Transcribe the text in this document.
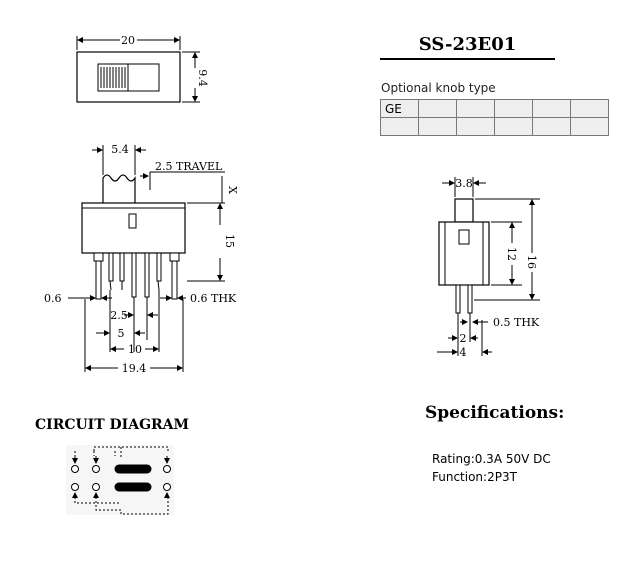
20
9.4
5.4
2.5 TRAVEL
X
15
0.6	0.6 THK
2.5
5
10
19.4
3.8
12
16
0.5 THK
2
4
SS-23E01
Optional knob type
GE					

CIRCUIT DIAGRAM
Specifications:
Rating:0.3A 50V DC
Function:2P3T
